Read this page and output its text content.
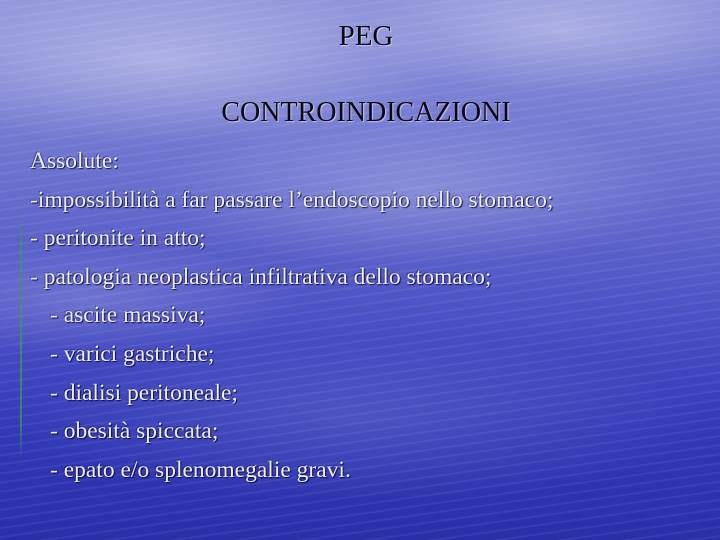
PEG
CONTROINDICAZIONI
Assolute:
-impossibilità a far passare l’endoscopio nello stomaco;
- peritonite in atto;
- patologia neoplastica infiltrativa dello stomaco;
- ascite massiva;
- varici gastriche;
- dialisi peritoneale;
- obesità spiccata;
- epato e/o splenomegalie gravi.
